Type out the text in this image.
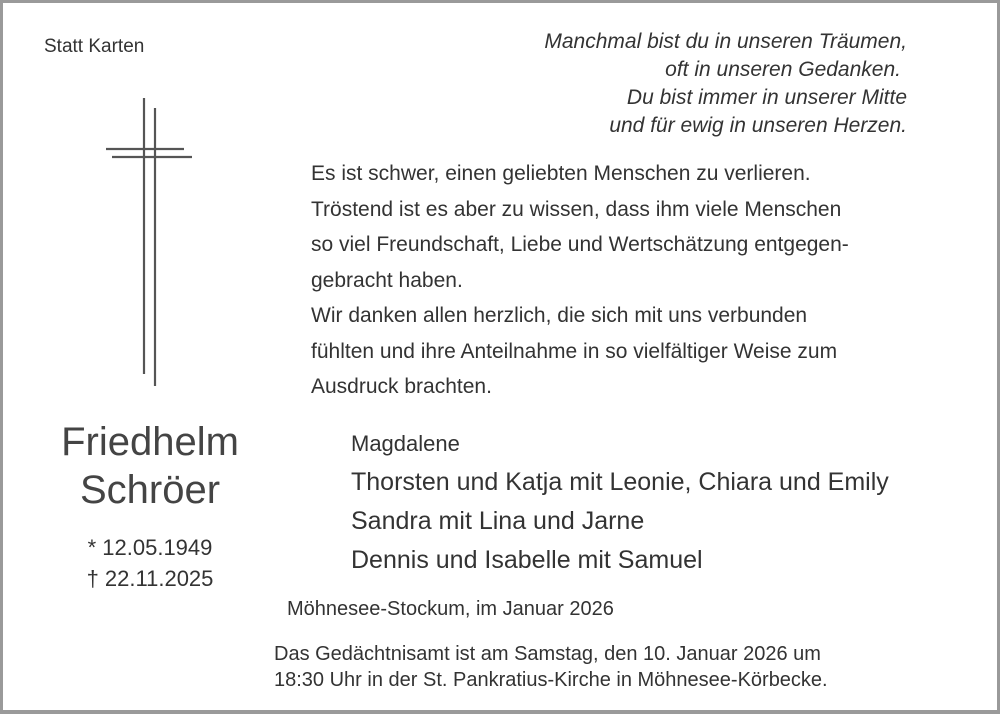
Statt Karten	Manchmal bist du in unseren Träumen,
oft in unseren Gedanken.
Du bist immer in unserer Mitte
und für ewig in unseren Herzen.
Es ist schwer, einen geliebten Menschen zu verlieren.
Tröstend ist es aber zu wissen, dass ihm viele Menschen
so viel Freundschaft, Liebe und Wertschätzung entgegen-
gebracht haben.
Wir danken allen herzlich, die sich mit uns verbunden
fühlten und ihre Anteilnahme in so vielfältiger Weise zum
Ausdruck brachten.
Friedhelm
Schröer
* 12.05.1949
† 22.11.2025
Magdalene
Thorsten und Katja mit Leonie, Chiara und Emily
Sandra mit Lina und Jarne
Dennis und Isabelle mit Samuel
Möhnesee-Stockum, im Januar 2026
Das Gedächtnisamt ist am Samstag, den 10. Januar 2026 um
18:30 Uhr in der St. Pankratius-Kirche in Möhnesee-Körbecke.
